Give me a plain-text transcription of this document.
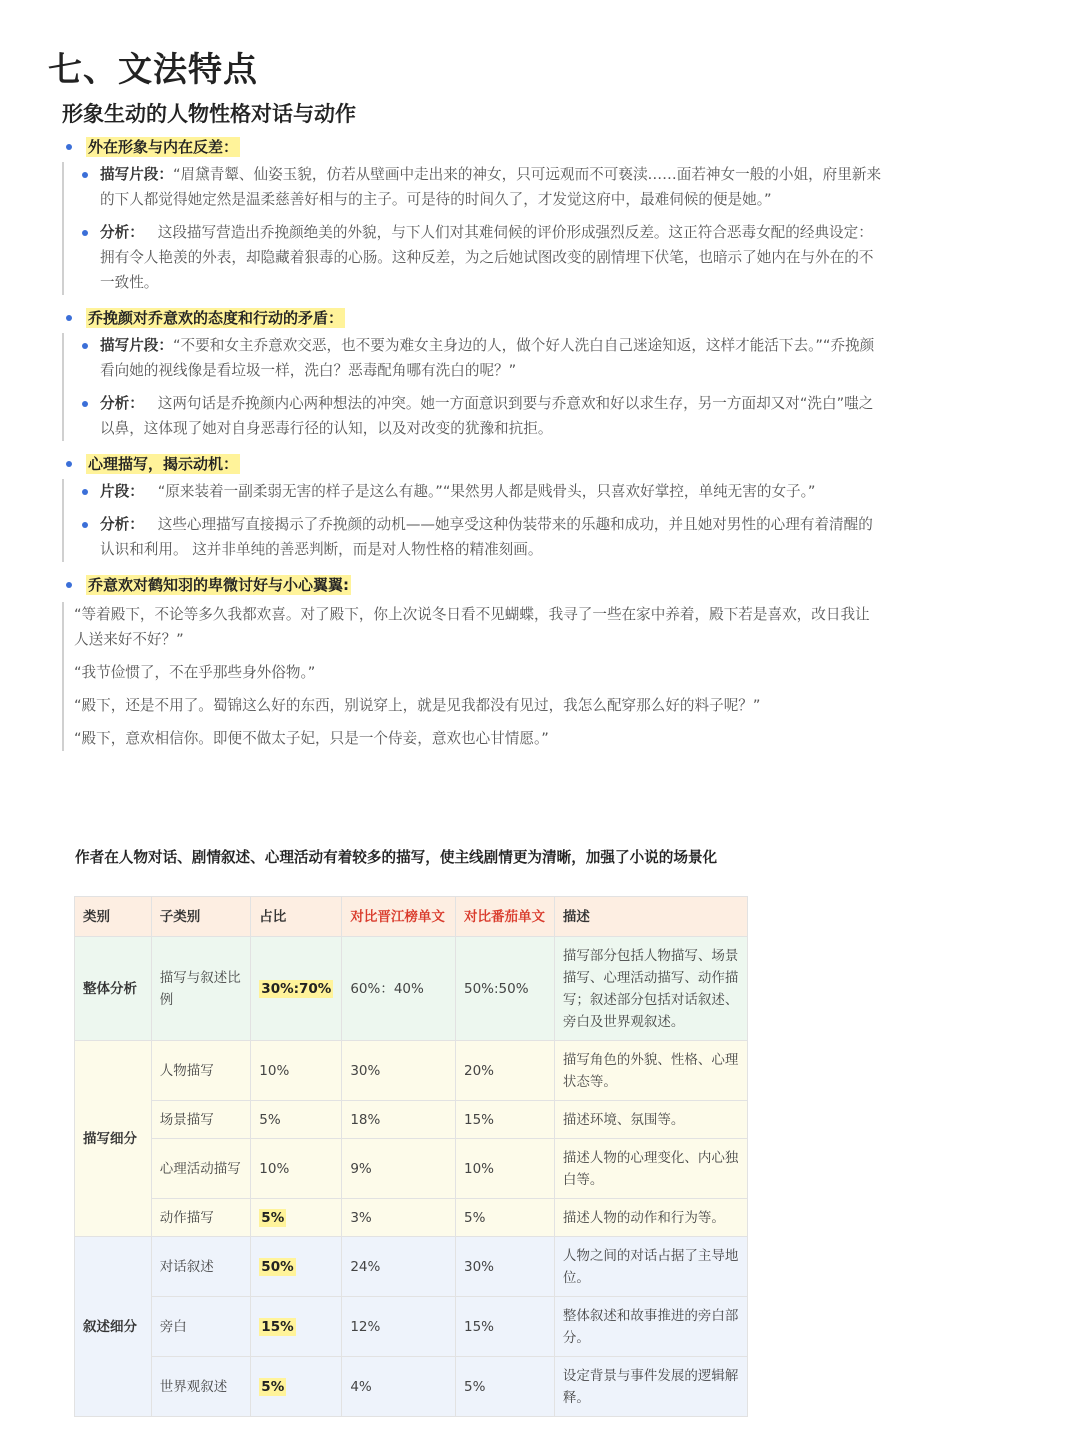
七、文法特点
形象生动的人物性格对话与动作
外在形象与内在反差：
描写片段：“眉黛青颦、仙姿玉貌，仿若从壁画中走出来的神女，只可远观而不可亵渎……面若神女一般的小姐，府里新来的下人都觉得她定然是温柔慈善好相与的主子。可是待的时间久了，才发觉这府中，最难伺候的便是她。”
分析： 这段描写营造出乔挽颜绝美的外貌，与下人们对其难伺候的评价形成强烈反差。这正符合恶毒女配的经典设定：拥有令人艳羡的外表，却隐藏着狠毒的心肠。这种反差，为之后她试图改变的剧情埋下伏笔，也暗示了她内在与外在的不一致性。
乔挽颜对乔意欢的态度和行动的矛盾：
描写片段：“不要和女主乔意欢交恶，也不要为难女主身边的人，做个好人洗白自己迷途知返，这样才能活下去。”“乔挽颜看向她的视线像是看垃圾一样，洗白？恶毒配角哪有洗白的呢？”
分析： 这两句话是乔挽颜内心两种想法的冲突。她一方面意识到要与乔意欢和好以求生存，另一方面却又对“洗白”嗤之以鼻，这体现了她对自身恶毒行径的认知，以及对改变的犹豫和抗拒。
心理描写，揭示动机：
片段： “原来装着一副柔弱无害的样子是这么有趣。”“果然男人都是贱骨头，只喜欢好掌控，单纯无害的女子。”
分析： 这些心理描写直接揭示了乔挽颜的动机——她享受这种伪装带来的乐趣和成功，并且她对男性的心理有着清醒的认识和利用。 这并非单纯的善恶判断，而是对人物性格的精准刻画。
乔意欢对鹤知羽的卑微讨好与小心翼翼:
“等着殿下，不论等多久我都欢喜。对了殿下，你上次说冬日看不见蝴蝶，我寻了一些在家中养着，殿下若是喜欢，改日我让人送来好不好？”
“我节俭惯了，不在乎那些身外俗物。”
“殿下，还是不用了。蜀锦这么好的东西，别说穿上，就是见我都没有见过，我怎么配穿那么好的料子呢？”
“殿下，意欢相信你。即便不做太子妃，只是一个侍妾，意欢也心甘情愿。”
作者在人物对话、剧情叙述、心理活动有着较多的描写，使主线剧情更为清晰，加强了小说的场景化
类别	子类别	占比	对比晋江榜单文	对比番茄单文	描述
整体分析	描写与叙述比例	30%:70%	60%：40%	50%:50%	描写部分包括人物描写、场景描写、心理活动描写、动作描写；叙述部分包括对话叙述、旁白及世界观叙述。
描写细分	人物描写	10%	30%	20%	描写角色的外貌、性格、心理状态等。
	场景描写	5%	18%	15%	描述环境、氛围等。
	心理活动描写	10%	9%	10%	描述人物的心理变化、内心独白等。
	动作描写	5%	3%	5%	描述人物的动作和行为等。
叙述细分	对话叙述	50%	24%	30%	人物之间的对话占据了主导地位。
	旁白	15%	12%	15%	整体叙述和故事推进的旁白部分。
	世界观叙述	5%	4%	5%	设定背景与事件发展的逻辑解释。
